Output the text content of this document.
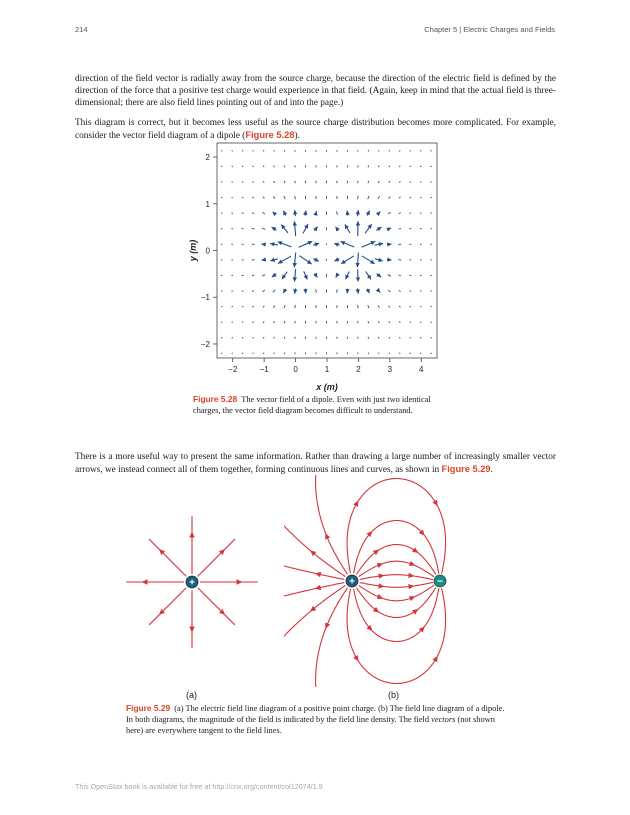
214	Chapter 5 | Electric Charges and Fields

direction of the field vector is radially away from the source charge, because the direction of the electric field is defined by the direction of the force that a positive test charge would experience in that field. (Again, keep in mind that the actual field is three-dimensional; there are also field lines pointing out of and into the page.)

This diagram is correct, but it becomes less useful as the source charge distribution becomes more complicated. For example, consider the vector field diagram of a dipole (Figure 5.28).

−2	−1	0	1	2	3	4
−2
−1
0
1
2
x (m)
y (m)
Figure 5.28 The vector field of a dipole. Even with just two identical charges, the vector field diagram becomes difficult to understand.

There is a more useful way to present the same information. Rather than drawing a large number of increasingly smaller vector arrows, we instead connect all of them together, forming continuous lines and curves, as shown in Figure 5.29.

+	+	−
(a)	(b)
Figure 5.29 (a) The electric field line diagram of a positive point charge. (b) The field line diagram of a dipole. In both diagrams, the magnitude of the field is indicated by the field line density. The field vectors (not shown here) are everywhere tangent to the field lines.
This OpenStax book is available for free at http://cnx.org/content/col12074/1.9
